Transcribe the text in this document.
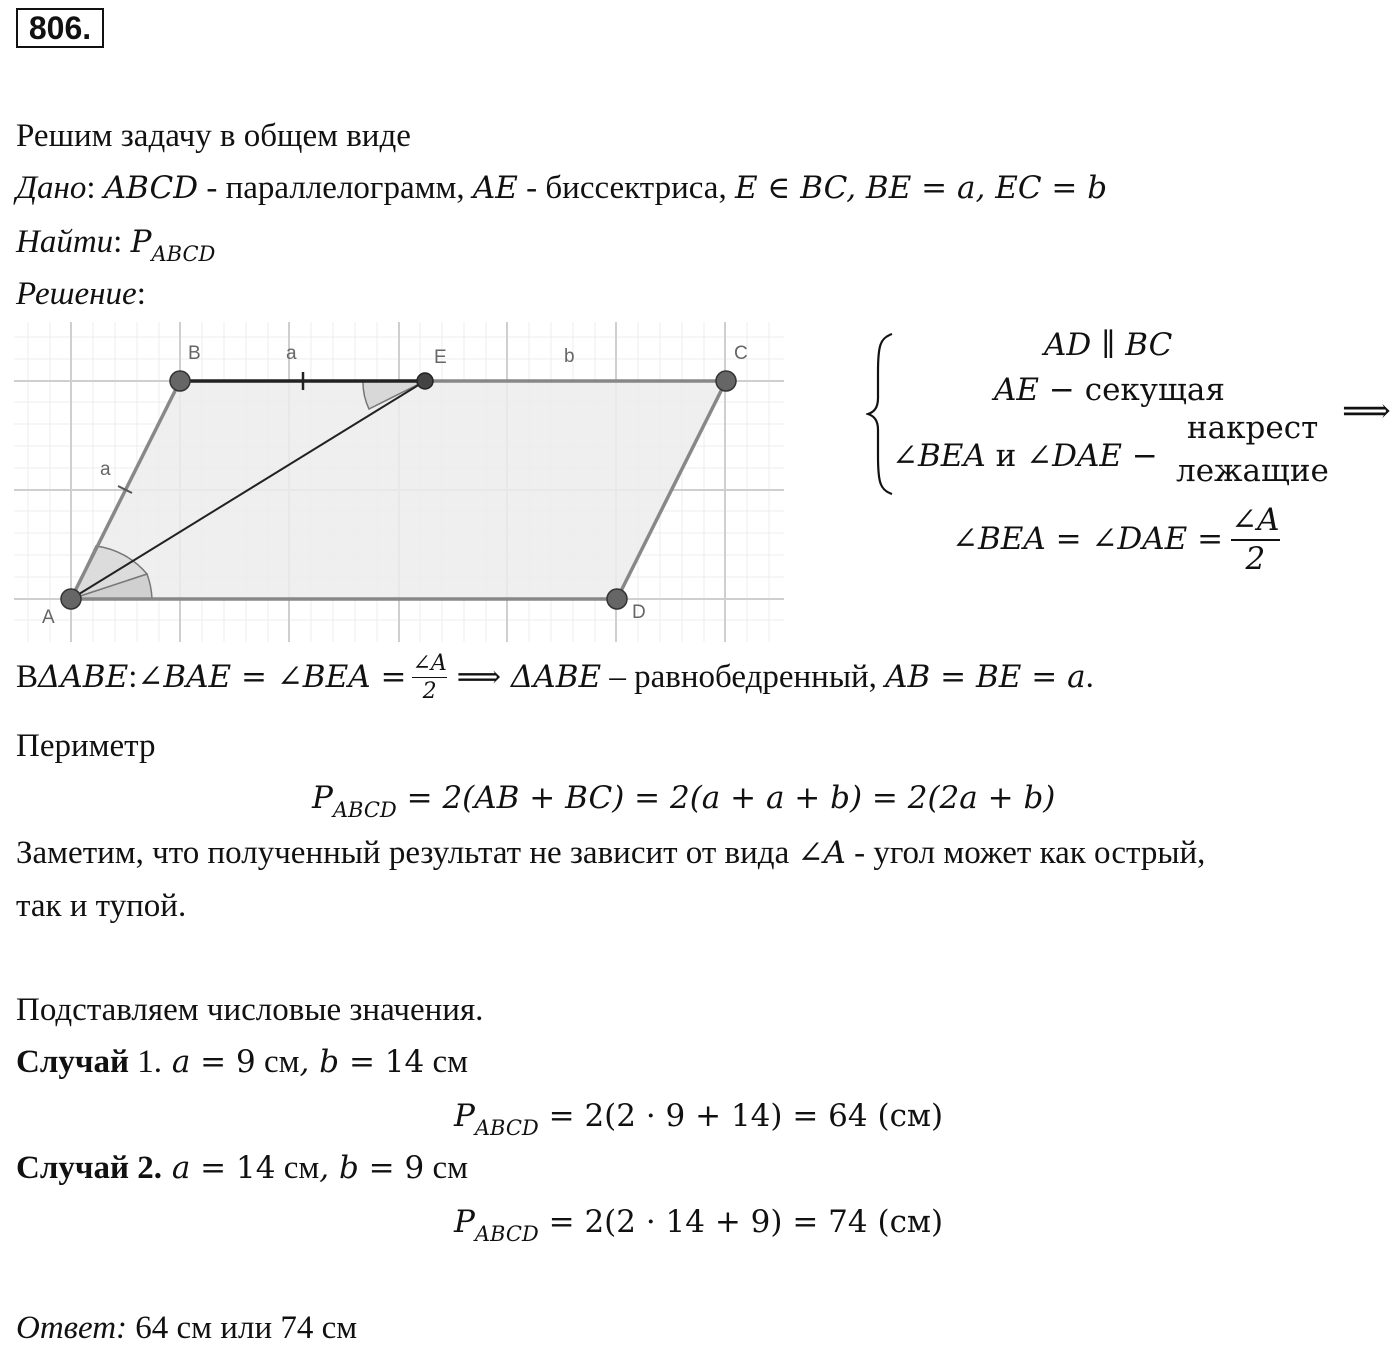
806.
Решим задачу в общем виде
Дано: ABCD - параллелограмм, AE - биссектриса, E ∈ BC, BE = a, EC = b
Найти: $P_{ABCD}$
Решение:
B	E	C
A	D
a
a
b	AD ∥ BC
AE − секущая
∠BEA и ∠DAE −
накрест
лежащие
⟹
∠BEA = ∠DAE = $\frac{\angle A}{2}$
В ΔABE : ∠BAE = ∠BEA = $\frac{\angle A}{2}$ ⟹ ΔABE – равнобедренный, AB = BE = a .
Периметр
$P_{ABCD} = 2(AB + BC) = 2(a + a + b) = 2(2a + b)$
Заметим, что полученный результат не зависит от вида ∠A - угол может как острый,
так и тупой.
Подставляем числовые значения.
Случай 1. a = 9 см, b = 14 см
$P_{ABCD} = 2(2 \cdot 9 + 14) = 64$ (см)
Случай 2. a = 14 см, b = 9 см
$P_{ABCD} = 2(2 \cdot 14 + 9) = 74$ (см)
Ответ: 64 см или 74 см
